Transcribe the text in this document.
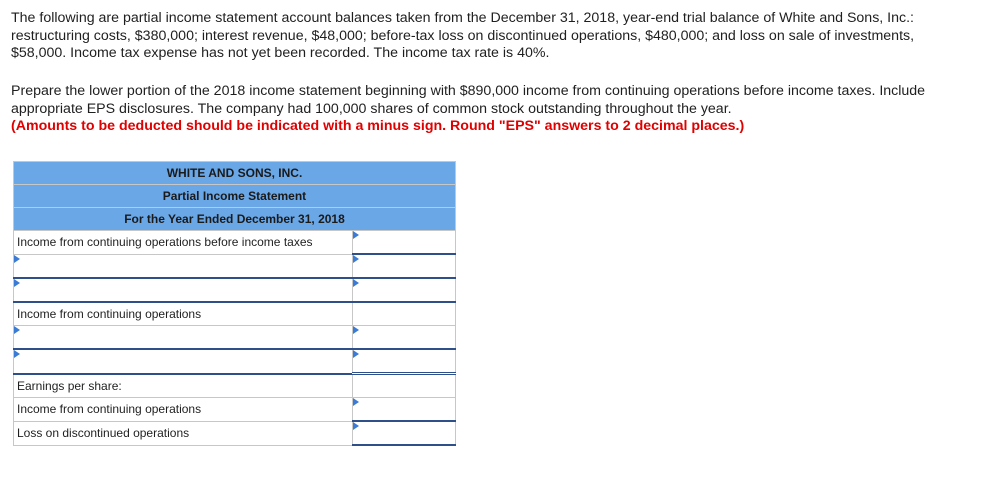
The following are partial income statement account balances taken from the December 31, 2018, year-end trial balance of White and Sons, Inc.: restructuring costs, $380,000; interest revenue, $48,000; before-tax loss on discontinued operations, $480,000; and loss on sale of investments, $58,000. Income tax expense has not yet been recorded. The income tax rate is 40%.

Prepare the lower portion of the 2018 income statement beginning with $890,000 income from continuing operations before income taxes. Include appropriate EPS disclosures. The company had 100,000 shares of common stock outstanding throughout the year.
(Amounts to be deducted should be indicated with a minus sign. Round "EPS" answers to 2 decimal places.)

WHITE AND SONS, INC.	
Partial Income Statement	
For the Year Ended December 31, 2018	
Income from continuing operations before income taxes	

Income from continuing operations	

Earnings per share:	
Income from continuing operations	

Loss on discontinued operations	
